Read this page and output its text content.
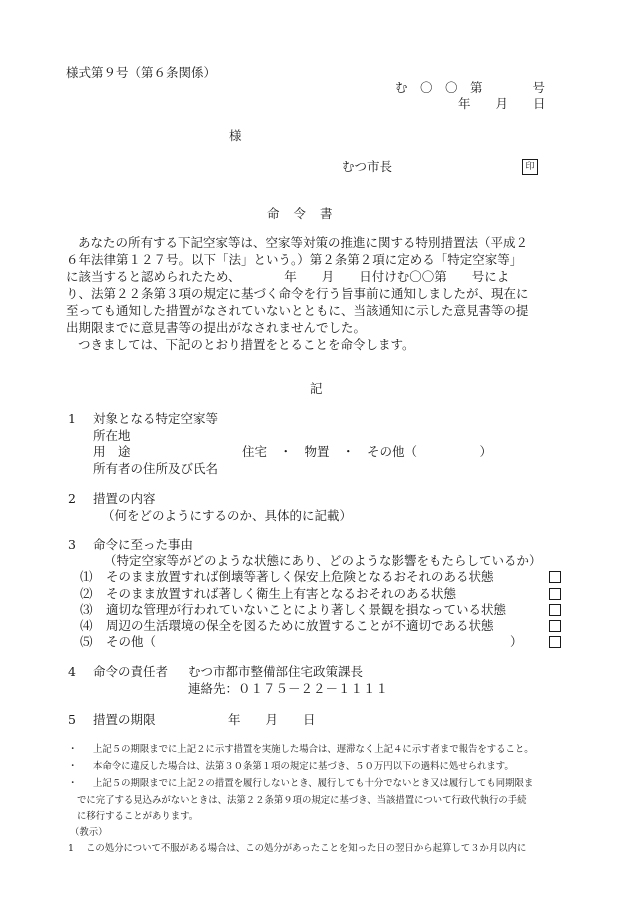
様式第９号（第６条関係）
む　〇　〇　第　　　　号
年　　月　　日
様
むつ市長	印
命令書
あなたの所有する下記空家等は、空家等対策の推進に関する特別措置法（平成２
６年法律第１２７号。以下「法」という。）第２条第２項に定める「特定空家等」
に該当すると認められたため、　　　　年　　月　　日付けむ〇〇第　　号によ
り、法第２２条第３項の規定に基づく命令を行う旨事前に通知しましたが、現在に
至っても通知した措置がなされていないとともに、当該通知に示した意見書等の提
出期限までに意見書等の提出がなされませんでした。
つきましては、下記のとおり措置をとることを命令します。
記
1 対象となる特定空家等
所在地
用　途	住宅　・　物置　・　その他（　　　　　）
所有者の住所及び氏名
2 措置の内容
（何をどのようにするのか、具体的に記載）
3 命令に至った事由
（特定空家等がどのような状態にあり、どのような影響をもたらしているか）
⑴ そのまま放置すれば倒壊等著しく保安上危険となるおそれのある状態
⑵ そのまま放置すれば著しく衛生上有害となるおそれのある状態
⑶ 適切な管理が行われていないことにより著しく景観を損なっている状態
⑷ 周辺の生活環境の保全を図るために放置することが不適切である状態
⑸ その他（	）
4 命令の責任者 むつ市都市整備部住宅政策課長
連絡先：０１７５－２２－１１１１
5 措置の期限	年　　月　　日
・ 上記５の期限までに上記２に示す措置を実施した場合は、遅滞なく上記４に示す者まで報告をすること。
・ 本命令に違反した場合は、法第３０条第１項の規定に基づき、５０万円以下の過料に処せられます。
・ 上記５の期限までに上記２の措置を履行しないとき、履行しても十分でないとき又は履行しても同期限ま
でに完了する見込みがないときは、法第２２条第９項の規定に基づき、当該措置について行政代執行の手続
に移行することがあります。
（教示）
1 この処分について不服がある場合は、この処分があったことを知った日の翌日から起算して３か月以内に
